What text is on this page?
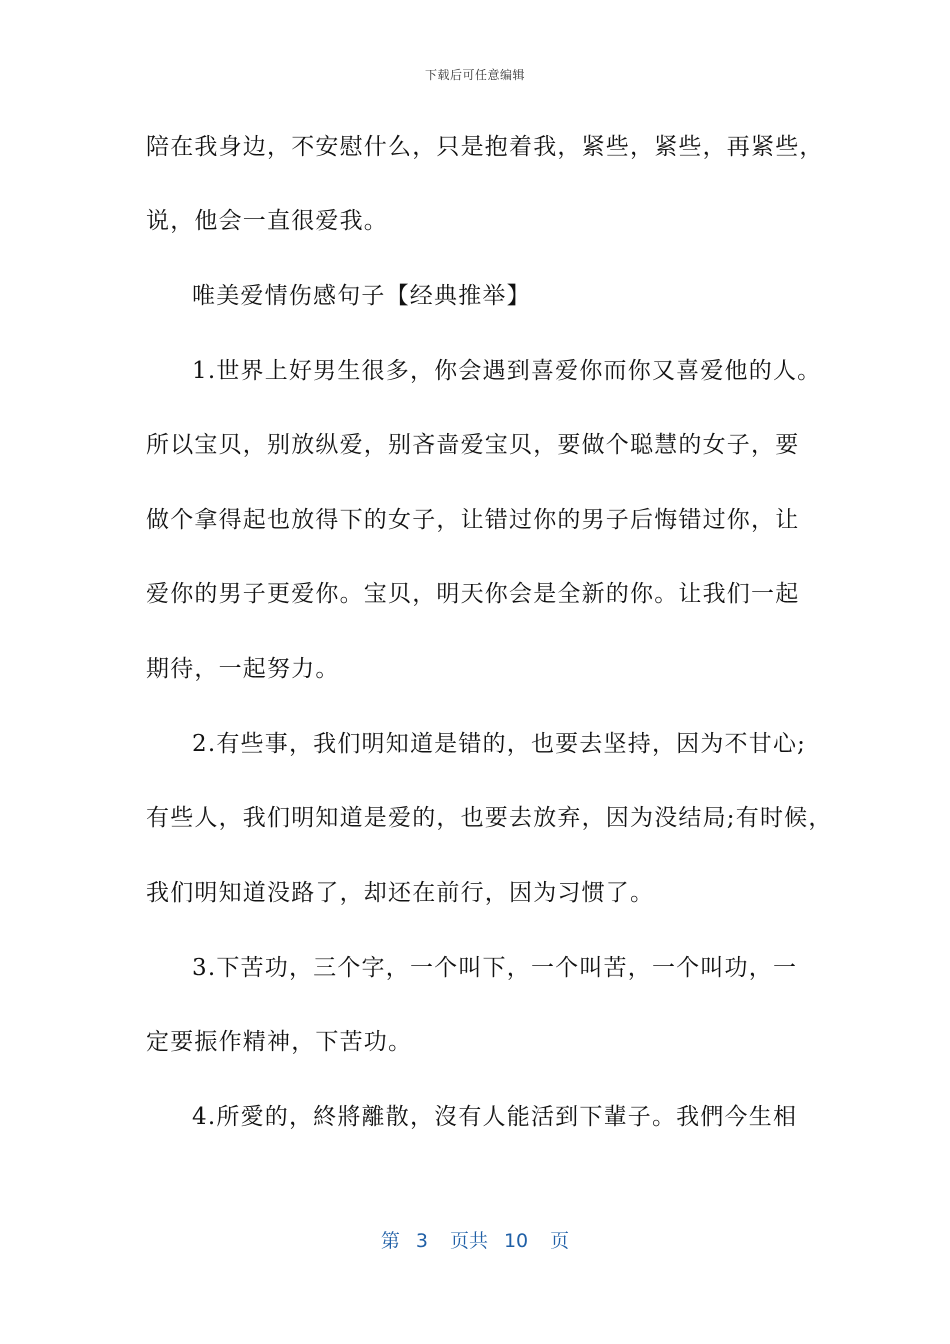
下载后可任意编辑
陪在我身边，不安慰什么，只是抱着我，紧些，紧些，再紧些，
说，他会一直很爱我。
唯美爱情伤感句子【经典推举】
1.世界上好男生很多，你会遇到喜爱你而你又喜爱他的人。
所以宝贝，别放纵爱，别吝啬爱宝贝，要做个聪慧的女子，要
做个拿得起也放得下的女子，让错过你的男子后悔错过你，让
爱你的男子更爱你。宝贝，明天你会是全新的你。让我们一起
期待，一起努力。
2.有些事，我们明知道是错的，也要去坚持，因为不甘心;
有些人，我们明知道是爱的，也要去放弃，因为没结局;有时候，
我们明知道没路了，却还在前行，因为习惯了。
3.下苦功，三个字，一个叫下，一个叫苦，一个叫功，一
定要振作精神，下苦功。
4.所愛的，終將離散，沒有人能活到下輩子。我們今生相
第 3 页共 10 页
